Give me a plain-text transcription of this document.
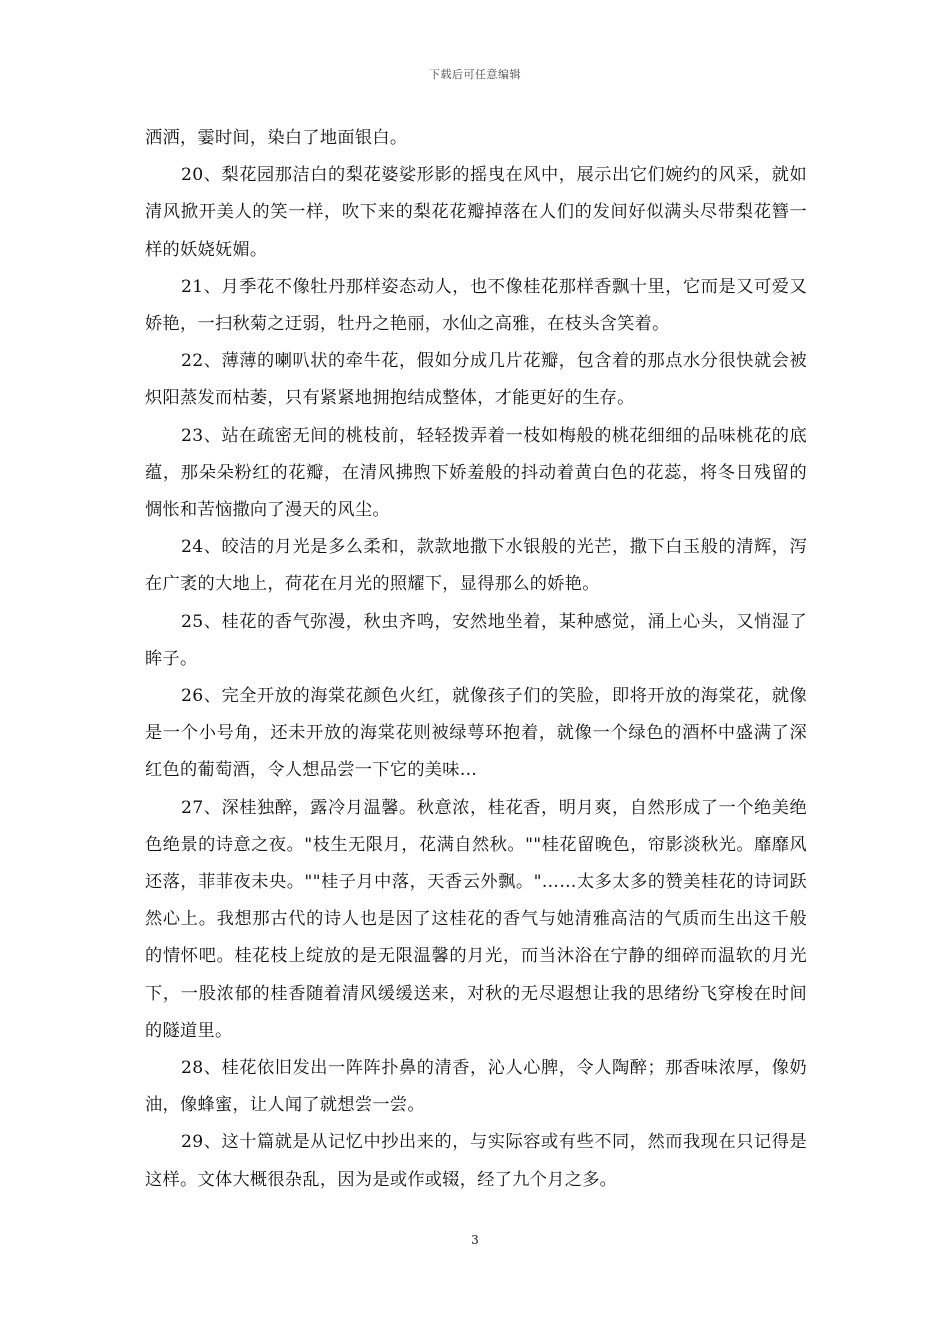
下载后可任意编辑

洒洒，霎时间，染白了地面银白。

20、梨花园那洁白的梨花婆娑形影的摇曳在风中，展示出它们婉约的风采，就如清风掀开美人的笑一样，吹下来的梨花花瓣掉落在人们的发间好似满头尽带梨花簪一样的妖娆妩媚。

21、月季花不像牡丹那样姿态动人，也不像桂花那样香飘十里，它而是又可爱又娇艳，一扫秋菊之迂弱，牡丹之艳丽，水仙之高雅，在枝头含笑着。

22、薄薄的喇叭状的牵牛花，假如分成几片花瓣，包含着的那点水分很快就会被炽阳蒸发而枯萎，只有紧紧地拥抱结成整体，才能更好的生存。

23、站在疏密无间的桃枝前，轻轻拨弄着一枝如梅般的桃花细细的品味桃花的底蕴，那朵朵粉红的花瓣，在清风拂煦下娇羞般的抖动着黄白色的花蕊，将冬日残留的惆怅和苦恼撒向了漫天的风尘。

24、皎洁的月光是多么柔和，款款地撒下水银般的光芒，撒下白玉般的清辉，泻在广袤的大地上，荷花在月光的照耀下，显得那么的娇艳。

25、桂花的香气弥漫，秋虫齐鸣，安然地坐着，某种感觉，涌上心头，又悄湿了眸子。

26、完全开放的海棠花颜色火红，就像孩子们的笑脸，即将开放的海棠花，就像是一个小号角，还未开放的海棠花则被绿萼环抱着，就像一个绿色的酒杯中盛满了深红色的葡萄酒，令人想品尝一下它的美味…

27、深桂独醉，露冷月温馨。秋意浓，桂花香，明月爽，自然形成了一个绝美绝色绝景的诗意之夜。"枝生无限月，花满自然秋。""桂花留晚色，帘影淡秋光。靡靡风还落，菲菲夜未央。""桂子月中落，天香云外飘。"……太多太多的赞美桂花的诗词跃然心上。我想那古代的诗人也是因了这桂花的香气与她清雅高洁的气质而生出这千般的情怀吧。桂花枝上绽放的是无限温馨的月光，而当沐浴在宁静的细碎而温软的月光下，一股浓郁的桂香随着清风缓缓送来，对秋的无尽遐想让我的思绪纷飞穿梭在时间的隧道里。

28、桂花依旧发出一阵阵扑鼻的清香，沁人心脾，令人陶醉；那香味浓厚，像奶油，像蜂蜜，让人闻了就想尝一尝。

29、这十篇就是从记忆中抄出来的，与实际容或有些不同，然而我现在只记得是这样。文体大概很杂乱，因为是或作或辍，经了九个月之多。

3
